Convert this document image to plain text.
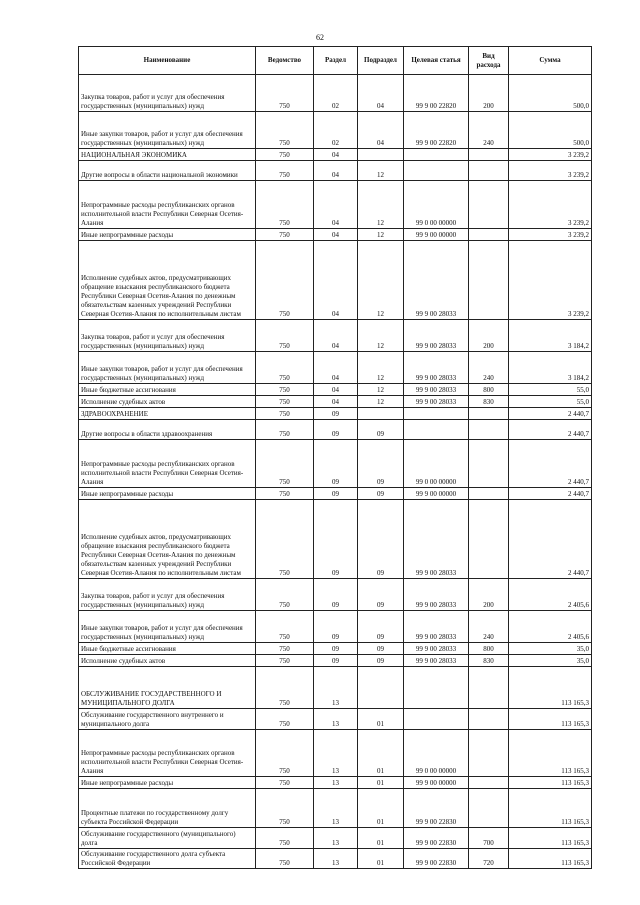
62
Наименование	Ведомство	Раздел	Подраздел	Целевая статья	Вид расхода	Сумма
Закупка товаров, работ и услуг для обеспечения государственных (муниципальных) нужд	750	02	04	99 9 00 22820	200	500,0
Иные закупки товаров, работ и услуг для обеспечения государственных (муниципальных) нужд	750	02	04	99 9 00 22820	240	500,0
НАЦИОНАЛЬНАЯ ЭКОНОМИКА	750	04				3 239,2
Другие вопросы в области национальной экономики	750	04	12			3 239,2
Непрограммные расходы республиканских органов исполнительной власти Республики Северная Осетия-Алания	750	04	12	99 0 00 00000		3 239,2
Иные непрограммные расходы	750	04	12	99 9 00 00000		3 239,2
Исполнение судебных актов, предусматривающих обращение взыскания республиканского бюджета Республики Северная Осетия-Алания по денежным обязательствам казенных учреждений Республики Северная Осетия-Алания по исполнительным листам	750	04	12	99 9 00 28033		3 239,2
Закупка товаров, работ и услуг для обеспечения государственных (муниципальных) нужд	750	04	12	99 9 00 28033	200	3 184,2
Иные закупки товаров, работ и услуг для обеспечения государственных (муниципальных) нужд	750	04	12	99 9 00 28033	240	3 184,2
Иные бюджетные ассигнования	750	04	12	99 9 00 28033	800	55,0
Исполнение судебных актов	750	04	12	99 9 00 28033	830	55,0
ЗДРАВООХРАНЕНИЕ	750	09				2 440,7
Другие вопросы в области здравоохранения	750	09	09			2 440,7
Непрограммные расходы республиканских органов исполнительной власти Республики Северная Осетия-Алания	750	09	09	99 0 00 00000		2 440,7
Иные непрограммные расходы	750	09	09	99 9 00 00000		2 440,7
Исполнение судебных актов, предусматривающих обращение взыскания республиканского бюджета Республики Северная Осетия-Алания по денежным обязательствам казенных учреждений Республики Северная Осетия-Алания по исполнительным листам	750	09	09	99 9 00 28033		2 440,7
Закупка товаров, работ и услуг для обеспечения государственных (муниципальных) нужд	750	09	09	99 9 00 28033	200	2 405,6
Иные закупки товаров, работ и услуг для обеспечения государственных (муниципальных) нужд	750	09	09	99 9 00 28033	240	2 405,6
Иные бюджетные ассигнования	750	09	09	99 9 00 28033	800	35,0
Исполнение судебных актов	750	09	09	99 9 00 28033	830	35,0
ОБСЛУЖИВАНИЕ ГОСУДАРСТВЕННОГО И МУНИЦИПАЛЬНОГО ДОЛГА	750	13				113 165,3
Обслуживание государственного внутреннего и муниципального долга	750	13	01			113 165,3
Непрограммные расходы республиканских органов исполнительной власти Республики Северная Осетия-Алания	750	13	01	99 0 00 00000		113 165,3
Иные непрограммные расходы	750	13	01	99 9 00 00000		113 165,3
Процентные платежи по государственному долгу субъекта Российской Федерации	750	13	01	99 9 00 22830		113 165,3
Обслуживание государственного (муниципального) долга	750	13	01	99 9 00 22830	700	113 165,3
Обслуживание государственного долга субъекта Российской Федерации	750	13	01	99 9 00 22830	720	113 165,3
